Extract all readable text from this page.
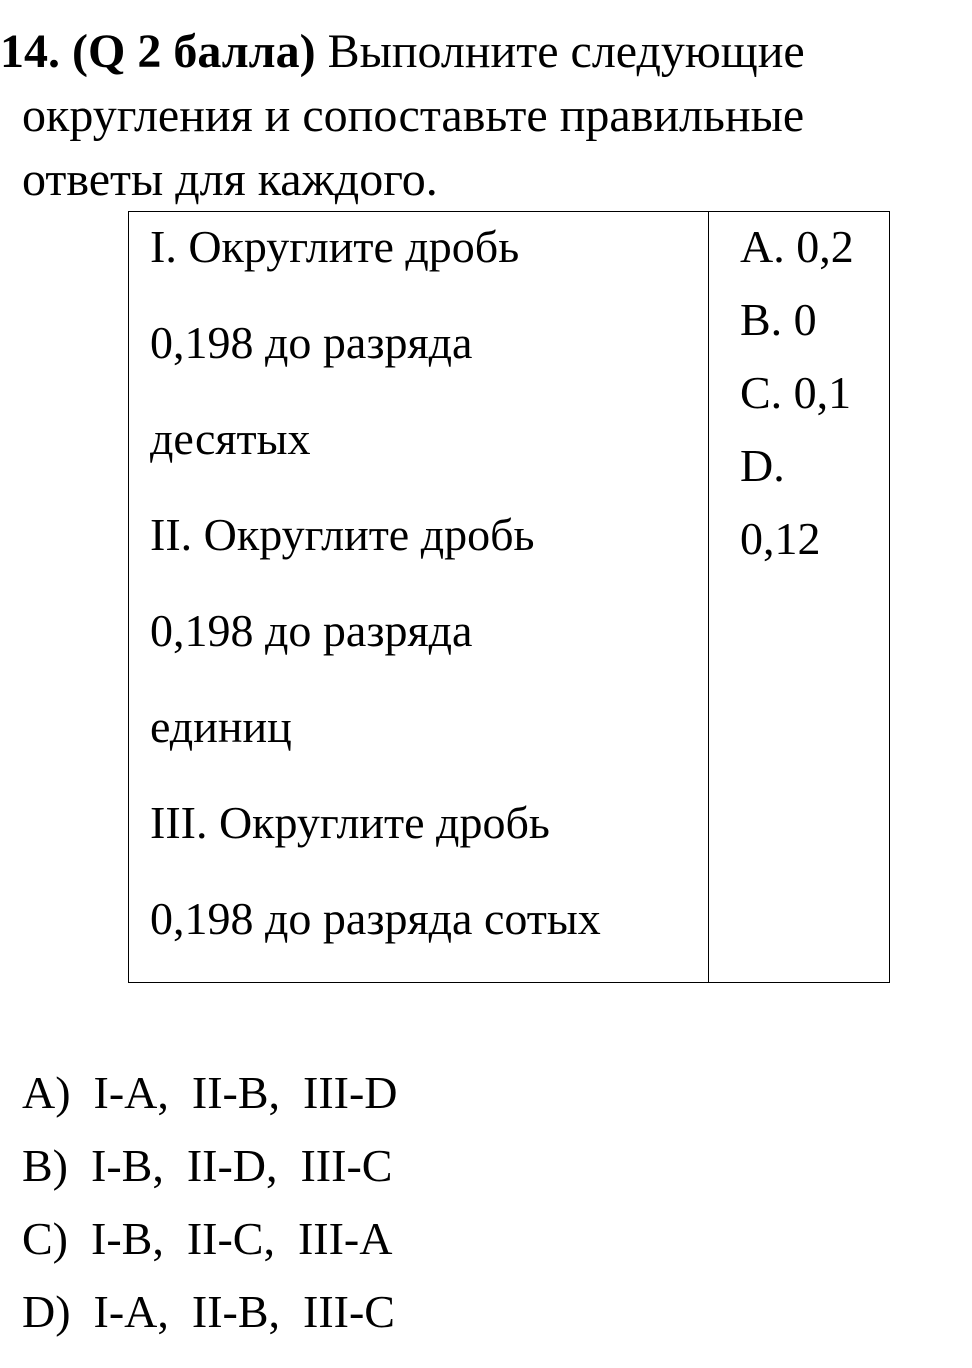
14. (Q 2 балла) Выполните следующие
округления и сопоставьте правильные
ответы для каждого.
I. Округлите дробь
0,198 до разряда
десятых
II. Округлите дробь
0,198 до разряда
единиц
III. Округлите дробь
0,198 до разряда сотых
A. 0,2
B. 0
C. 0,1
D.
0,12
A)  I-A,  II-B,  III-D
B)  I-B,  II-D,  III-C
C)  I-B,  II-C,  III-A
D)  I-A,  II-B,  III-C
